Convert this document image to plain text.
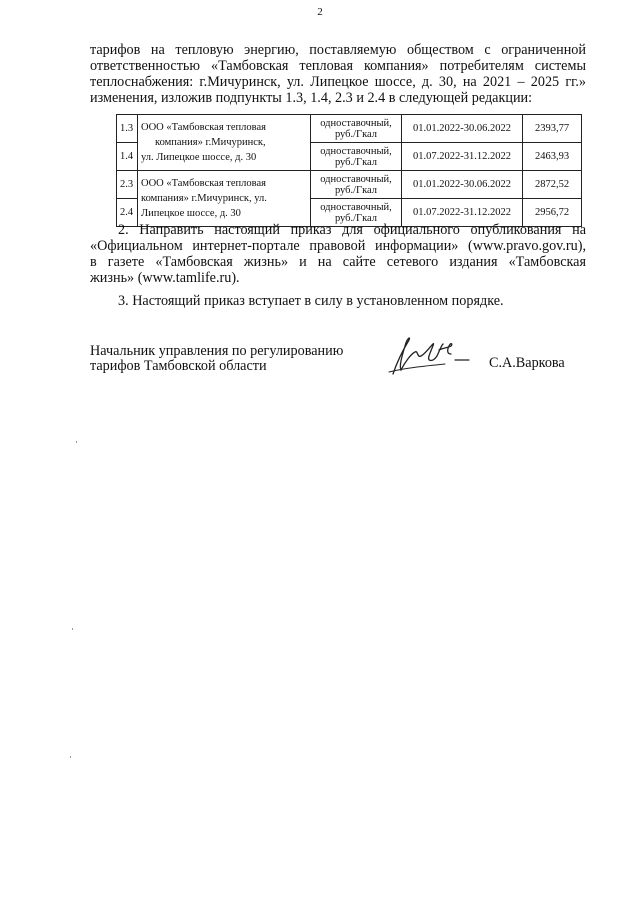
2
тарифов на тепловую энергию, поставляемую обществом с ограниченной
ответственностью «Тамбовская тепловая компания» потребителям системы
теплоснабжения: г.Мичуринск, ул. Липецкое шоссе, д. 30, на 2021 – 2025 гг.»
изменения, изложив подпункты 1.3, 1.4, 2.3 и 2.4 в следующей редакции:
1.3	ООО «Тамбовская тепловая
компания» г.Мичуринск,
ул. Липецкое шоссе, д. 30	одноставочный, руб./Гкал	01.01.2022-30.06.2022	2393,77
1.4		одноставочный, руб./Гкал	01.07.2022-31.12.2022	2463,93
2.3	ООО «Тамбовская тепловая
компания» г.Мичуринск, ул.
Липецкое шоссе, д. 30	одноставочный, руб./Гкал	01.01.2022-30.06.2022	2872,52
2.4		одноставочный, руб./Гкал	01.07.2022-31.12.2022	2956,72
2. Направить настоящий приказ для официального опубликования на
«Официальном интернет-портале правовой информации» (www.pravo.gov.ru),
в газете «Тамбовская жизнь» и на сайте сетевого издания «Тамбовская
жизнь» (www.tamlife.ru).
3. Настоящий приказ вступает в силу в установленном порядке.
Начальник управления по регулированию
тарифов Тамбовской области	С.А.Варкова
